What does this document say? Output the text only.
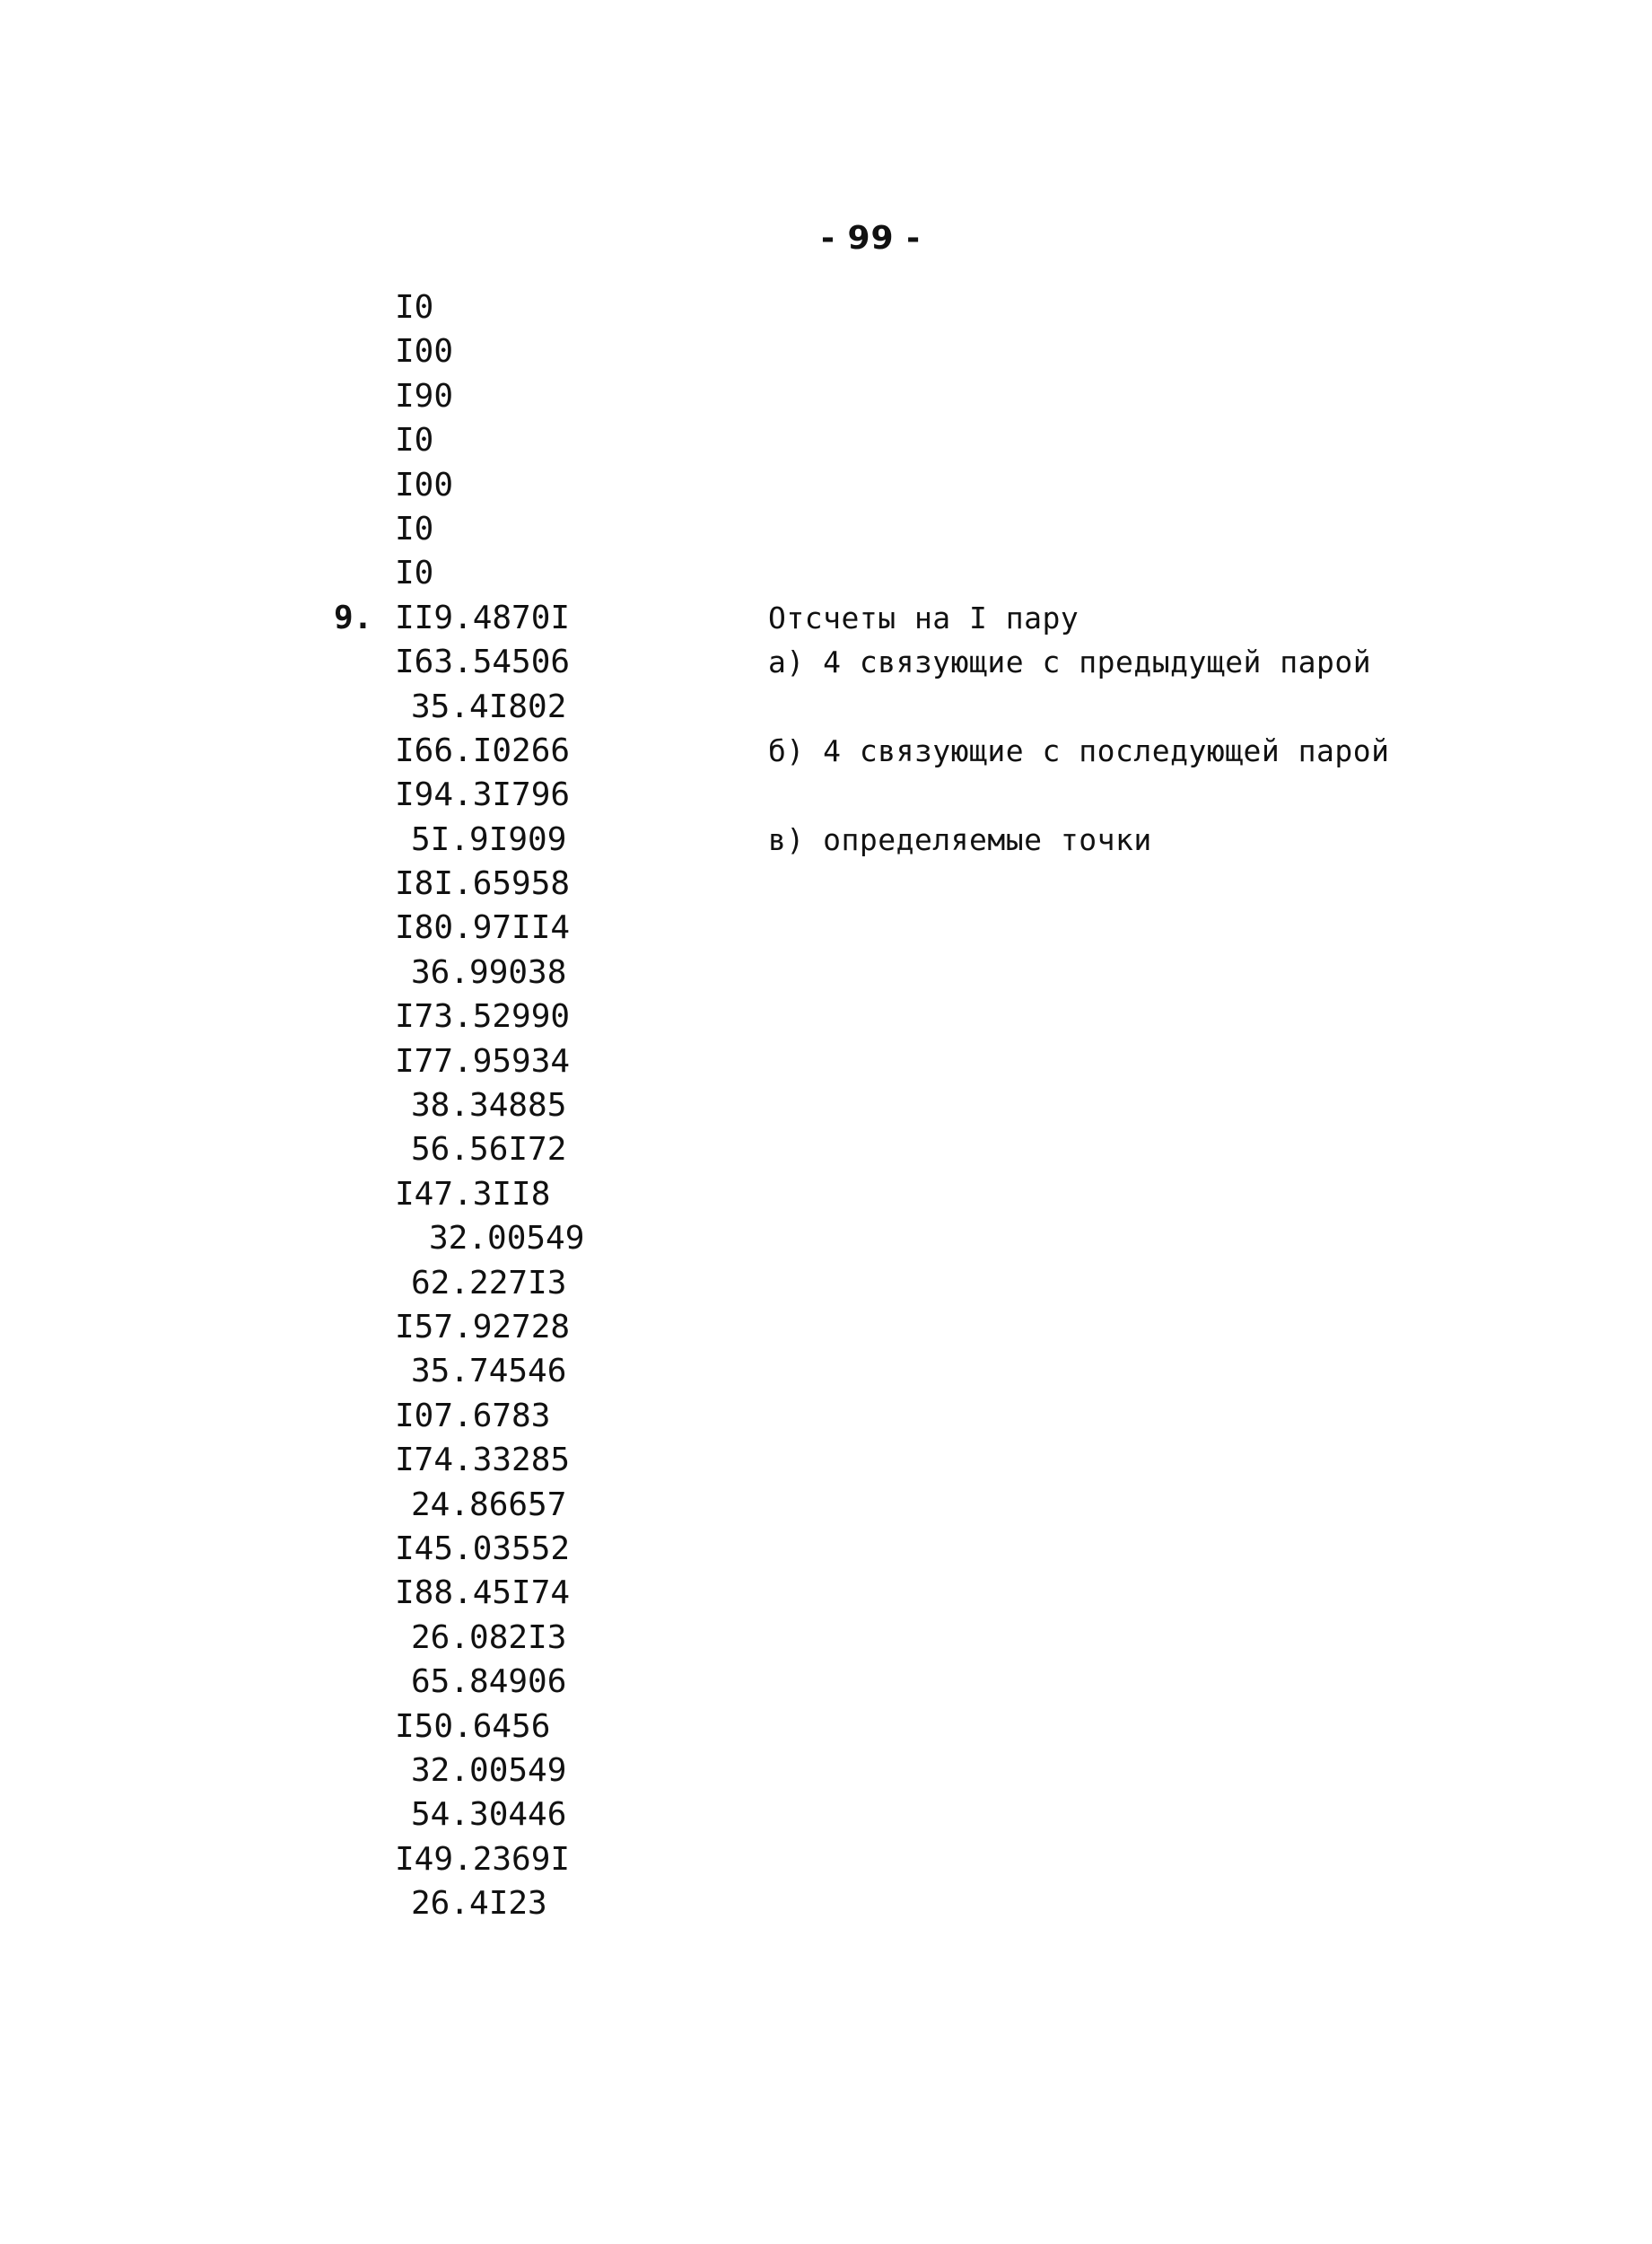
- 99 -
I0
I00
I90
I0
I00
I0
I0
9. II9.4870I	Отсчеты на I пару
а) 4 связующие с предыдущей парой
б) 4 связующие с последующей парой
в) определяемые точки
I63.54506
35.4I802
I66.I0266
I94.3I796
5I.9I909
I8I.65958
I80.97II4
36.99038
I73.52990
I77.95934
38.34885
56.56I72
I47.3II8
32.00549
62.227I3
I57.92728
35.74546
I07.6783
I74.33285
24.86657
I45.03552
I88.45I74
26.082I3
65.84906
I50.6456
32.00549
54.30446
I49.2369I
26.4I23
